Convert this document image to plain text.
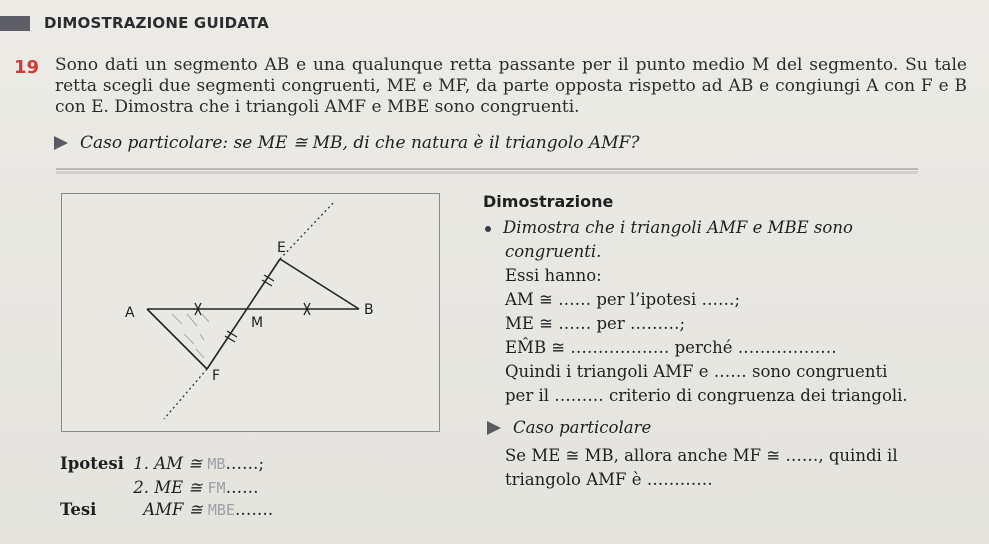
DIMOSTRAZIONE GUIDATA
19 Sono dati un segmento AB e una qualunque retta passante per il punto medio M del segmento. Su tale retta scegli due segmenti congruenti, ME e MF, da parte opposta rispetto ad AB e congiungi A con F e B con E. Dimostra che i triangoli AMF e MBE sono congruenti.
Caso particolare: se ME ≅ MB, di che natura è il triangolo AMF?
A	B
M
E
F
Ipotesi 1. AM ≅ MB……;
2. ME ≅ FM……
Tesi	AMF ≅ MBE…….
Dimostrazione
Dimostra che i triangoli AMF e MBE sono congruenti.
Essi hanno:
AM ≅ …… per l’ipotesi ……;
ME ≅ …… per ………;
EM̂B ≅ ……………… perché ………………
Quindi i triangoli AMF e …… sono congruenti
per il ……… criterio di congruenza dei triangoli.
Caso particolare
Se ME ≅ MB, allora anche MF ≅ ……, quindi il
triangolo AMF è …………
